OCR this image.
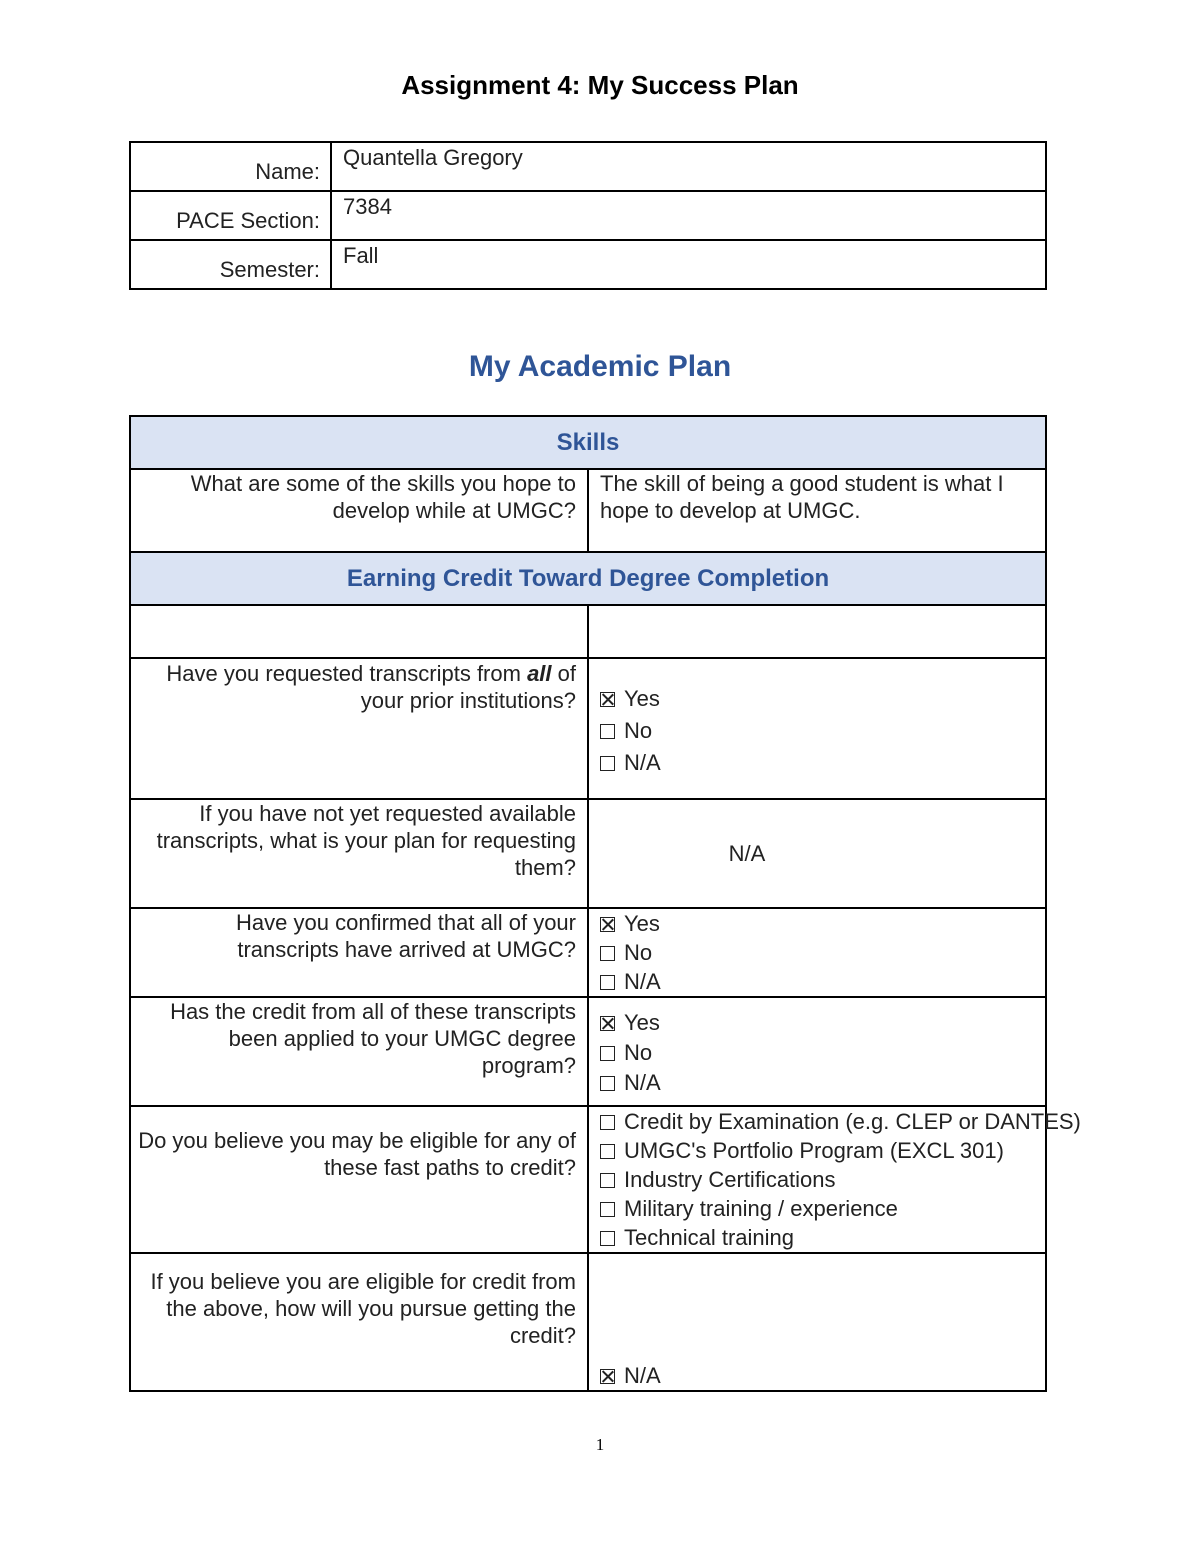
Assignment 4: My Success Plan
Name:	Quantella Gregory
PACE Section:	7384
Semester:	Fall
My Academic Plan
Skills	
What are some of the skills you hope to develop while at UMGC?	The skill of being a good student is what I hope to develop at UMGC.
Earning Credit Toward Degree Completion	

Have you requested transcripts from all of your prior institutions?	Yes
No
N/A

If you have not yet requested available transcripts, what is your plan for requesting them?	N/A
Have you confirmed that all of your transcripts have arrived at UMGC?	Yes
No
N/A

Has the credit from all of these transcripts been applied to your UMGC degree program?	Yes
No
N/A

Do you believe you may be eligible for any of these fast paths to credit?	Credit by Examination (e.g. CLEP or DANTES)
UMGC's Portfolio Program (EXCL 301)
Industry Certifications
Military training / experience
Technical training

If you believe you are eligible for credit from the above, how will you pursue getting the credit?	N/A
1
